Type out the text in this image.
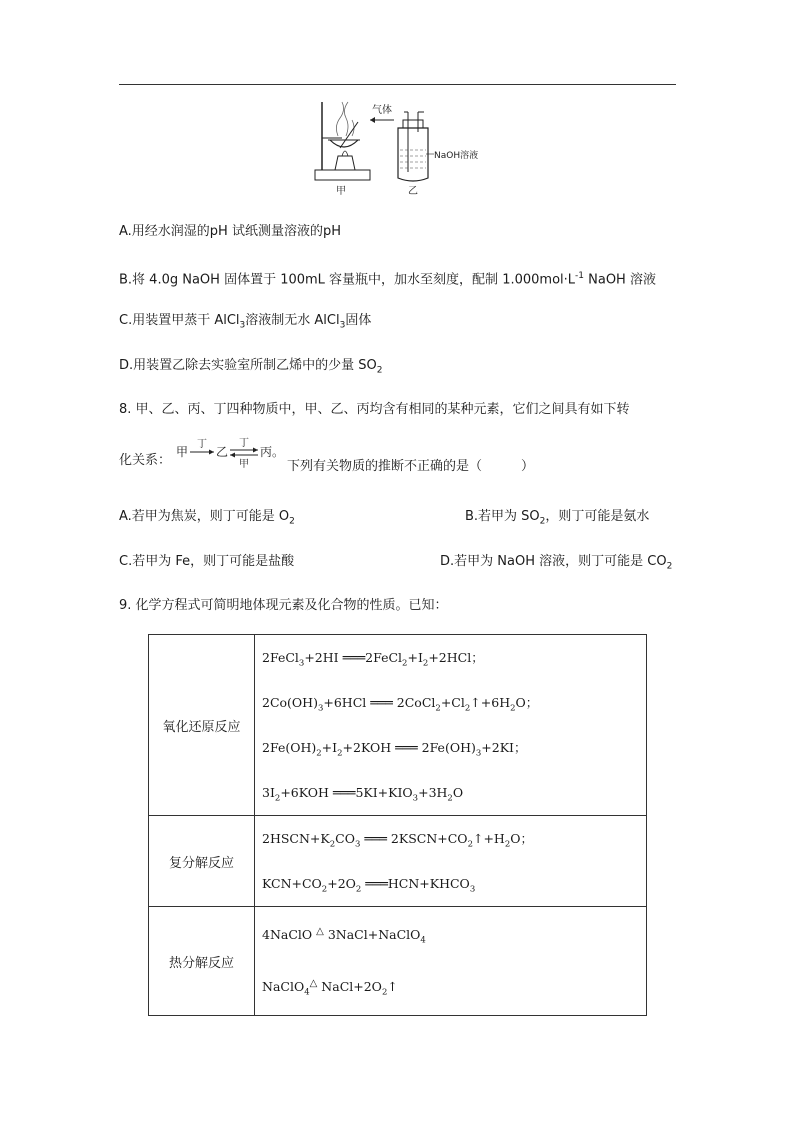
气体
NaOH溶液
甲	乙
A.用经水润湿的pH 试纸测量溶液的pH
B.将 4.0g NaOH 固体置于 100mL 容量瓶中，加水至刻度，配制 $1.000mol\cdot L^{-1}$ NaOH 溶液
C.用装置甲蒸干 AlCl$_3$溶液制无水 AlCl$_3$固体
D.用装置乙除去实验室所制乙烯中的少量 $SO_2$
8. 甲、乙、丙、丁四种物质中，甲、乙、丙均含有相同的某种元素，它们之间具有如下转
化关系：
甲
丁
乙
丁
甲
丙。
下列有关物质的推断不正确的是（　　　）
A.若甲为焦炭，则丁可能是 $O_2$	B.若甲为 $SO_2$，则丁可能是氨水
C.若甲为 Fe，则丁可能是盐酸	D.若甲为 NaOH 溶液，则丁可能是 $CO_2$
9. 化学方程式可简明地体现元素及化合物的性质。已知：
氧化还原反应	2FeCl$_3$+2HI $═══2FeCl_2+I_2+2HCl$；
$2Co(OH)_3+6HCl$ ═══ $2CoCl_2+Cl_2↑+6H_2O$；
$2Fe(OH)_2+I_2+2KOH$ ═══ $2Fe(OH)_3+2KI$；
$3I_2+6KOH$ $═══5KI+KIO_3+3H_2O$

复分解反应	$2HSCN+K_2CO_3$ ═══ $2KSCN+CO_2↑+H_2O$；
$KCN+CO_2+2O_2$ $═══HCN+KHCO_3$

热分解反应	4NaClO △ 3NaCl+NaClO$_4$
NaClO$_4$△ $NaCl+2O_2↑$
